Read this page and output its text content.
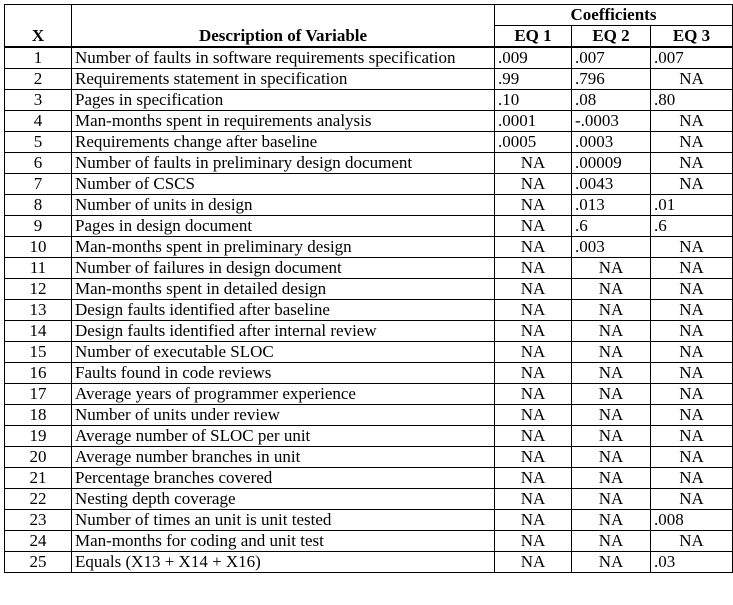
X	Description of Variable	Coefficients		
		EQ 1	EQ 2	EQ 3
1	Number of faults in software requirements specification	.009	.007	.007
2	Requirements statement in specification	.99	.796	NA
3	Pages in specification	.10	.08	.80
4	Man-months spent in requirements analysis	.0001	-.0003	NA
5	Requirements change after baseline	.0005	.0003	NA
6	Number of faults in preliminary design document	NA	.00009	NA
7	Number of CSCS	NA	.0043	NA
8	Number of units in design	NA	.013	.01
9	Pages in design document	NA	.6	.6
10	Man-months spent in preliminary design	NA	.003	NA
11	Number of failures in design document	NA	NA	NA
12	Man-months spent in detailed design	NA	NA	NA
13	Design faults identified after baseline	NA	NA	NA
14	Design faults identified after internal review	NA	NA	NA
15	Number of executable SLOC	NA	NA	NA
16	Faults found in code reviews	NA	NA	NA
17	Average years of programmer experience	NA	NA	NA
18	Number of units under review	NA	NA	NA
19	Average number of SLOC per unit	NA	NA	NA
20	Average number branches in unit	NA	NA	NA
21	Percentage branches covered	NA	NA	NA
22	Nesting depth coverage	NA	NA	NA
23	Number of times an unit is unit tested	NA	NA	.008
24	Man-months for coding and unit test	NA	NA	NA
25	Equals (X13 + X14 + X16)	NA	NA	.03
